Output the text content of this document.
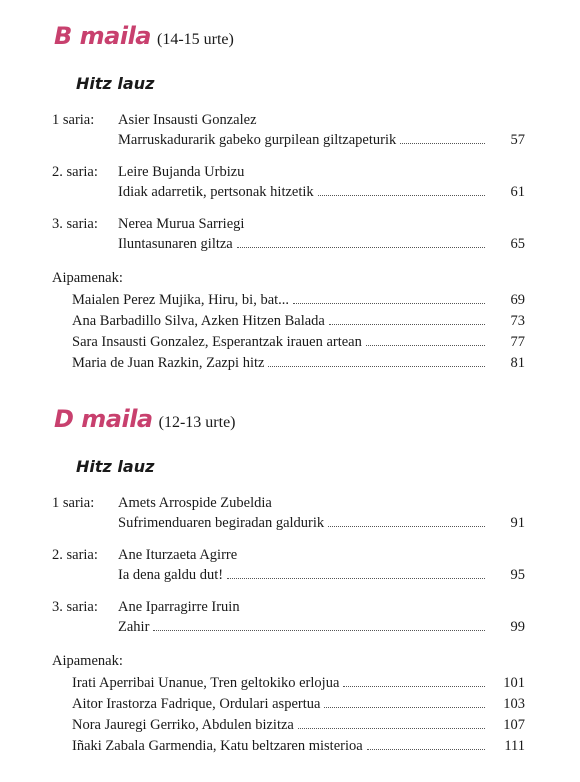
B maila (14-15 urte)
Hitz lauz
1 saria: Asier Insausti Gonzalez
Marruskadurarik gabeko gurpilean giltzapeturik	57
2. saria: Leire Bujanda Urbizu
Idiak adarretik, pertsonak hitzetik	61
3. saria: Nerea Murua Sarriegi
Iluntasunaren giltza	65
Aipamenak:
Maialen Perez Mujika, Hiru, bi, bat...	69
Ana Barbadillo Silva, Azken Hitzen Balada	73
Sara Insausti Gonzalez, Esperantzak irauen artean	77
Maria de Juan Razkin, Zazpi hitz	81
D maila (12-13 urte)
Hitz lauz
1 saria: Amets Arrospide Zubeldia
Sufrimenduaren begiradan galdurik	91
2. saria: Ane Iturzaeta Agirre
Ia dena galdu dut!	95
3. saria: Ane Iparragirre Iruin
Zahir	99
Aipamenak:
Irati Aperribai Unanue, Tren geltokiko erlojua	101
Aitor Irastorza Fadrique, Ordulari aspertua	103
Nora Jauregi Gerriko, Abdulen bizitza	107
Iñaki Zabala Garmendia, Katu beltzaren misterioa	111
